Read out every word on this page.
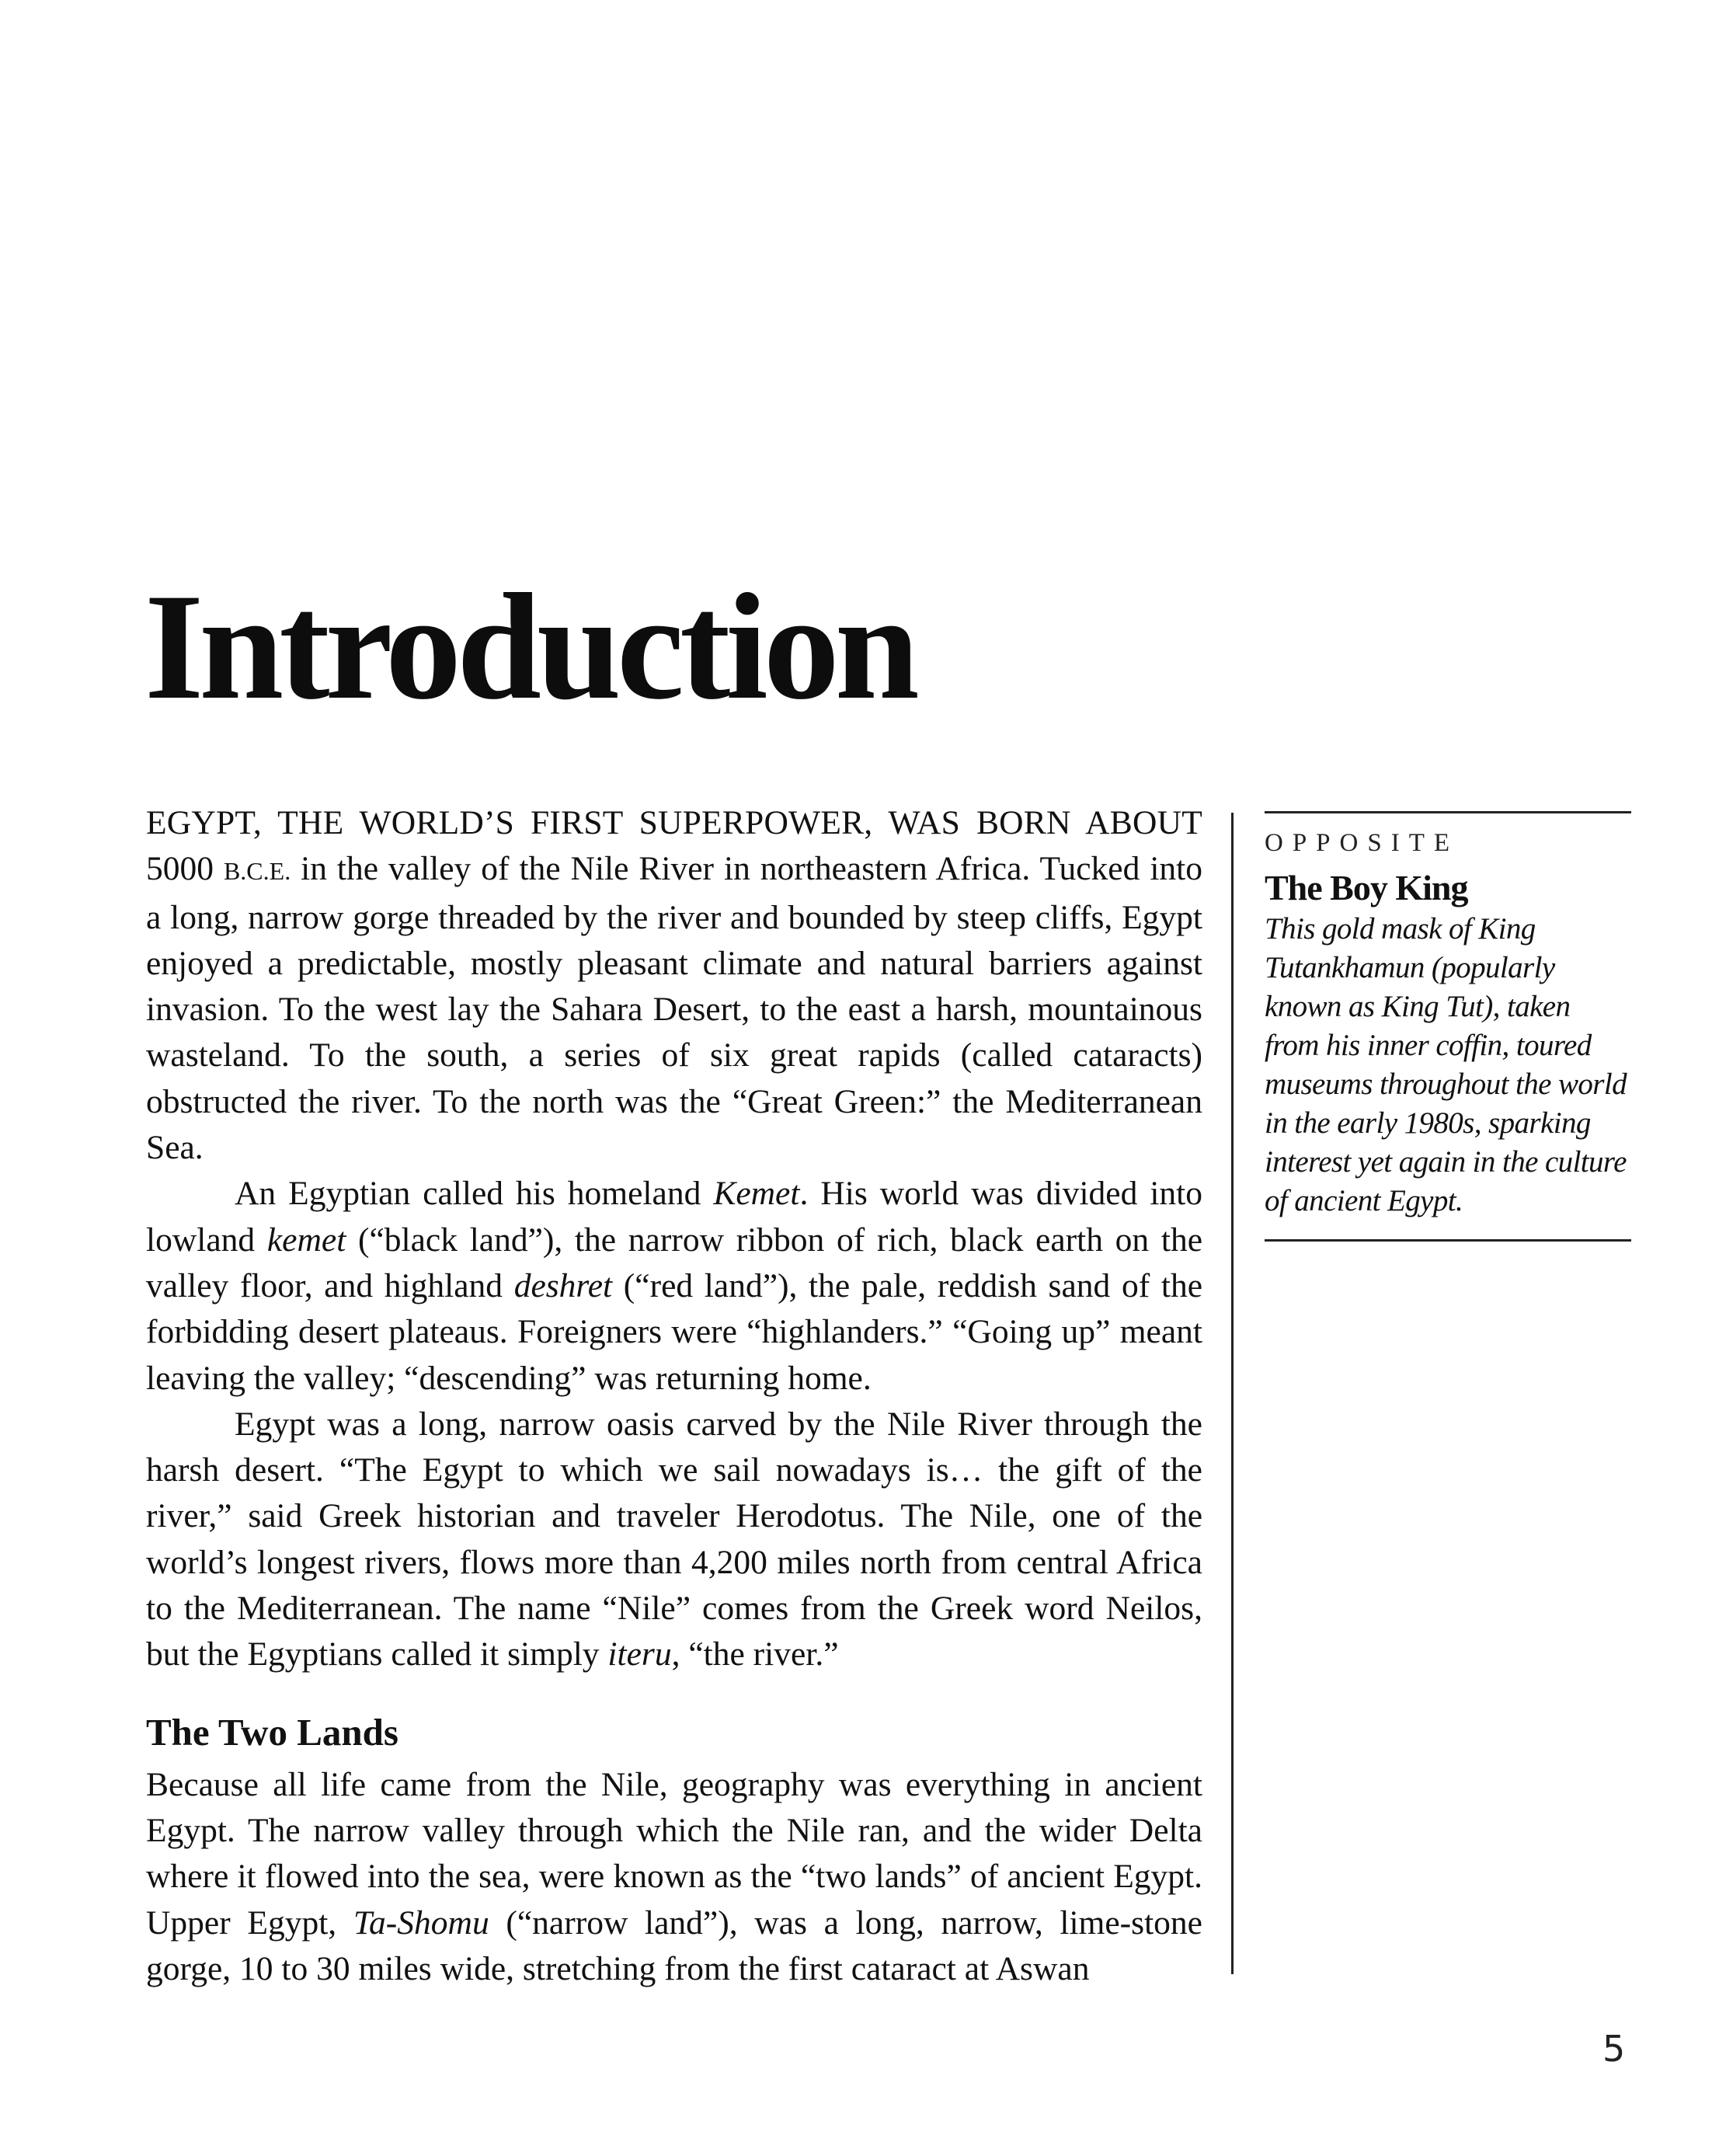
Introduction

EGYPT, THE WORLD’S FIRST SUPERPOWER, WAS BORN ABOUT 5000 B.C.E. in the valley of the Nile River in northeastern Africa. Tucked into a long, narrow gorge threaded by the river and bounded by steep cliffs, Egypt enjoyed a predictable, mostly pleasant climate and natural barriers against invasion. To the west lay the Sahara Desert, to the east a harsh, mountainous wasteland. To the south, a series of six great rapids (called cataracts) obstructed the river. To the north was the “Great Green:” the Mediterranean Sea.

An Egyptian called his homeland Kemet. His world was divided into lowland kemet (“black land”), the narrow ribbon of rich, black earth on the valley floor, and highland deshret (“red land”), the pale, reddish sand of the forbidding desert plateaus. Foreigners were “highlanders.” “Going up” meant leaving the valley; “descending” was returning home.

Egypt was a long, narrow oasis carved by the Nile River through the harsh desert. “The Egypt to which we sail nowadays is… the gift of the river,” said Greek historian and traveler Herodotus. The Nile, one of the world’s longest rivers, flows more than 4,200 miles north from central Africa to the Mediterranean. The name “Nile” comes from the Greek word Neilos, but the Egyptians called it simply iteru, “the river.”

The Two Lands

Because all life came from the Nile, geography was everything in ancient Egypt. The narrow valley through which the Nile ran, and the wider Delta where it flowed into the sea, were known as the “two lands” of ancient Egypt. Upper Egypt, Ta-Shomu (“narrow land”), was a long, narrow, lime-stone gorge, 10 to 30 miles wide, stretching from the first cataract at Aswan

OPPOSITE
The Boy King
This gold mask of King Tutankhamun (popularly known as King Tut), taken from his inner coffin, toured museums throughout the world in the early 1980s, sparking interest yet again in the culture of ancient Egypt.
5
